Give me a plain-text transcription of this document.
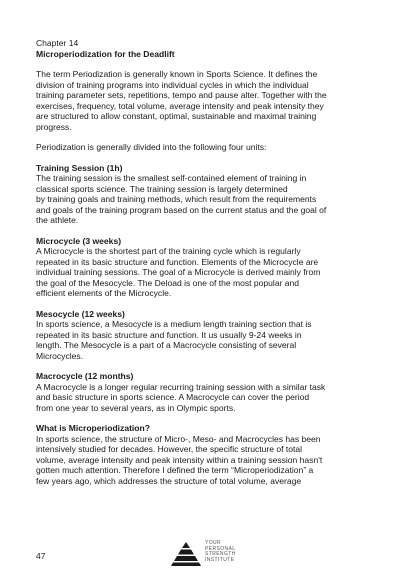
Chapter 14

Microperiodization for the Deadlift

The term Periodization is generally known in Sports Science. It defines the
division of training programs into individual cycles in which the individual
training parameter sets, repetitions, tempo and pause alter. Together with the
exercises, frequency, total volume, average intensity and peak intensity they
are structured to allow constant, optimal, sustainable and maximal training
progress.

Periodization is generally divided into the following four units:

Training Session (1h)

The training session is the smallest self-contained element of training in
classical sports science. The training session is largely determined
by training goals and training methods, which result from the requirements
and goals of the training program based on the current status and the goal of
the athlete.

Microcycle (3 weeks)

A Microcycle is the shortest part of the training cycle which is regularly
repeated in its basic structure and function. Elements of the Microcycle are
individual training sessions. The goal of a Microcycle is derived mainly from
the goal of the Mesocycle. The Deload is one of the most popular and
efficient elements of the Microcycle.

Mesocycle (12 weeks)

In sports science, a Mesocycle is a medium length training section that is
repeated in its basic structure and function. It us usually 9-24 weeks in
length. The Mesocycle is a part of a Macrocycle consisting of several
Microcycles.

Macrocycle (12 months)

A Macrocycle is a longer regular recurring training session with a similar task
and basic structure in sports science. A Macrocycle can cover the period
from one year to several years, as in Olympic sports.

What is Microperiodization?

In sports science, the structure of Micro-, Meso- and Macrocycles has been
intensively studied for decades. However, the specific structure of total
volume, average intensity and peak intensity within a training session hasn't
gotten much attention. Therefore I defined the term “Microperiodization” a
few years ago, which addresses the structure of total volume, average

47
YOUR
PERSONAL
STRENGTH
INSTITUTE
